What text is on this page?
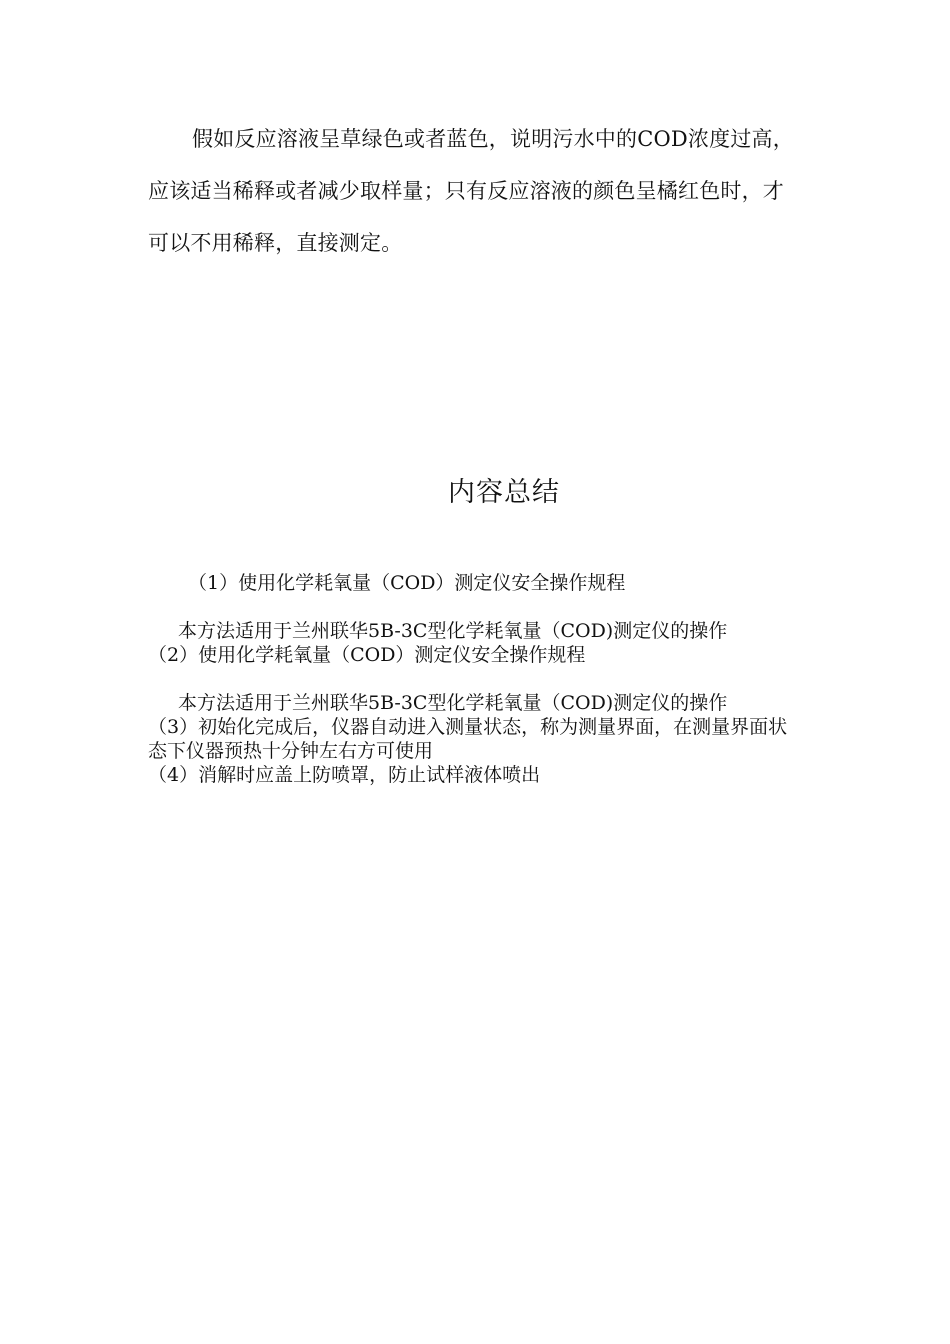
假如反应溶液呈草绿色或者蓝色，说明污水中的COD浓度过高，应该适当稀释或者减少取样量；只有反应溶液的颜色呈橘红色时，才可以不用稀释，直接测定。

内容总结

（1）使用化学耗氧量（COD）测定仪安全操作规程

本方法适用于兰州联华5B-3C型化学耗氧量（COD)测定仪的操作

（2）使用化学耗氧量（COD）测定仪安全操作规程

本方法适用于兰州联华5B-3C型化学耗氧量（COD)测定仪的操作

（3）初始化完成后，仪器自动进入测量状态，称为测量界面，在测量界面状态下仪器预热十分钟左右方可使用

（4）消解时应盖上防喷罩，防止试样液体喷出
